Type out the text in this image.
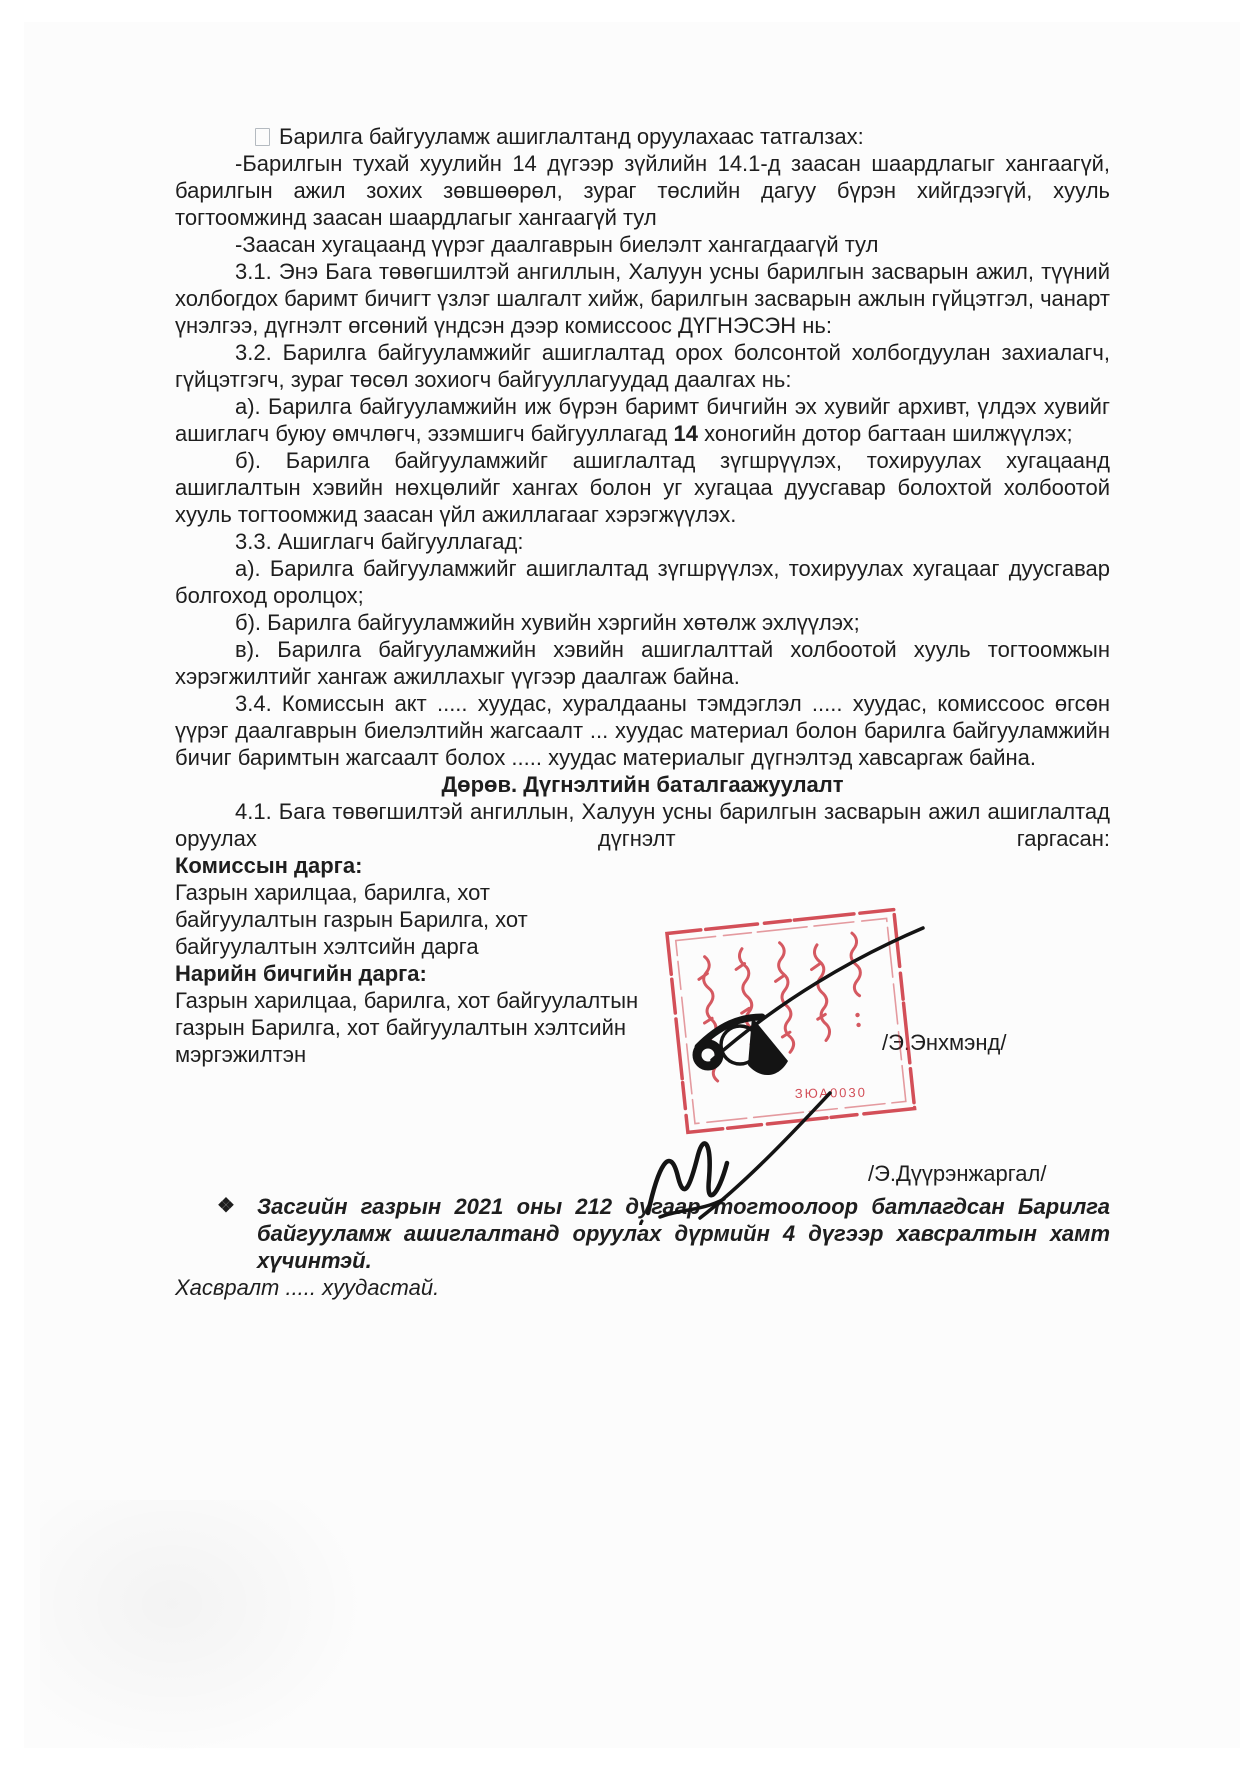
Барилга байгууламж ашиглалтанд оруулахаас татгалзах:

-Барилгын тухай хуулийн 14 дүгээр зүйлийн 14.1-д заасан шаардлагыг хангаагүй, барилгын ажил зохих зөвшөөрөл, зураг төслийн дагуу бүрэн хийгдээгүй, хууль тогтоомжинд заасан шаардлагыг хангаагүй тул

-Заасан хугацаанд үүрэг даалгаврын биелэлт хангагдаагүй тул

3.1. Энэ Бага төвөгшилтэй ангиллын, Халуун усны барилгын засварын ажил, түүний холбогдох баримт бичигт үзлэг шалгалт хийж, барилгын засварын ажлын гүйцэтгэл, чанарт үнэлгээ, дүгнэлт өгсөний үндсэн дээр комиссоос ДҮГНЭСЭН нь:

3.2. Барилга байгууламжийг ашиглалтад орох болсонтой холбогдуулан захиалагч, гүйцэтгэгч, зураг төсөл зохиогч байгууллагуудад даалгах нь:

а). Барилга байгууламжийн иж бүрэн баримт бичгийн эх хувийг архивт, үлдэх хувийг ашиглагч буюу өмчлөгч, эзэмшигч байгууллагад 14 хоногийн дотор багтаан шилжүүлэх;

б). Барилга байгууламжийг ашиглалтад зүгшрүүлэх, тохируулах хугацаанд ашиглалтын хэвийн нөхцөлийг хангах болон уг хугацаа дуусгавар болохтой холбоотой хууль тогтоомжид заасан үйл ажиллагааг хэрэгжүүлэх.

3.3. Ашиглагч байгууллагад:

а). Барилга байгууламжийг ашиглалтад зүгшрүүлэх, тохируулах хугацааг дуусгавар болгоход оролцох;

б). Барилга байгууламжийн хувийн хэргийн хөтөлж эхлүүлэх;

в). Барилга байгууламжийн хэвийн ашиглалттай холбоотой хууль тогтоомжын хэрэгжилтийг хангаж ажиллахыг үүгээр даалгаж байна.

3.4. Комиссын акт ..... хуудас, хуралдааны тэмдэглэл ..... хуудас, комиссоос өгсөн үүрэг даалгаврын биелэлтийн жагсаалт ... хуудас материал болон барилга байгууламжийн бичиг баримтын жагсаалт болох ..... хуудас материалыг дүгнэлтэд хавсаргаж байна.

Дөрөв. Дүгнэлтийн баталгаажуулалт

4.1. Бага төвөгшилтэй ангиллын, Халуун усны барилгын засварын ажил ашиглалтад

оруулах	дүгнэлт	гаргасан:

Комиссын дарга:

Газрын харилцаа, барилга, хот

байгуулалтын газрын Барилга, хот

байгуулалтын хэлтсийн дарга

Нарийн бичгийн дарга:

Газрын харилцаа, барилга, хот байгуулалтын

газрын Барилга, хот байгуулалтын хэлтсийн

мэргэжилтэн

❖	Засгийн газрын 2021 оны 212 дугаар тогтоолоор батлагдсан Барилга байгууламж ашиглалтанд оруулах дүрмийн 4 дүгээр хавсралтын хамт хүчинтэй.

Хасвралт ..... хуудастай.

/Э.Энхмэнд/
/Э.Дүүрэнжаргал/
ЗЮА0030
